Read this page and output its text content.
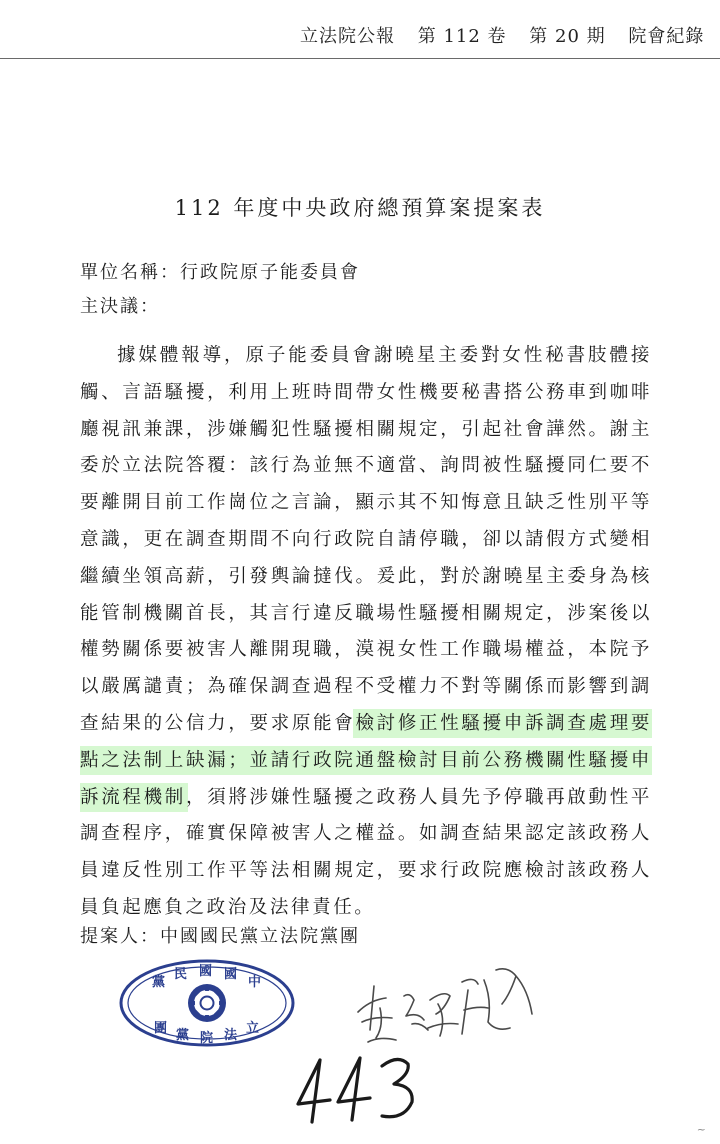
立法院公報 第 112 卷 第 20 期 院會紀錄
112 年度中央政府總預算案提案表
單位名稱：行政院原子能委員會
主決議：
據媒體報導，原子能委員會謝曉星主委對女性秘書肢體接觸、言語騷擾，利用上班時間帶女性機要秘書搭公務車到咖啡廳視訊兼課，涉嫌觸犯性騷擾相關規定，引起社會譁然。謝主委於立法院答覆：該行為並無不適當、詢問被性騷擾同仁要不要離開目前工作崗位之言論，顯示其不知悔意且缺乏性別平等意識，更在調查期間不向行政院自請停職，卻以請假方式變相繼續坐領高薪，引發輿論撻伐。爰此，對於謝曉星主委身為核能管制機關首長，其言行違反職場性騷擾相關規定，涉案後以權勢關係要被害人離開現職，漠視女性工作職場權益，本院予以嚴厲譴責；為確保調查過程不受權力不對等關係而影響到調查結果的公信力，要求原能會檢討修正性騷擾申訴調查處理要點之法制上缺漏；並請行政院通盤檢討目前公務機關性騷擾申訴流程機制，須將涉嫌性騷擾之政務人員先予停職再啟動性平調查程序，確實保障被害人之權益。如調查結果認定該政務人員違反性別工作平等法相關規定，要求行政院應檢討該政務人員負起應負之政治及法律責任。
提案人：中國國民黨立法院黨團
黨
民 國 國
中
團 黨 院 法 立
~
